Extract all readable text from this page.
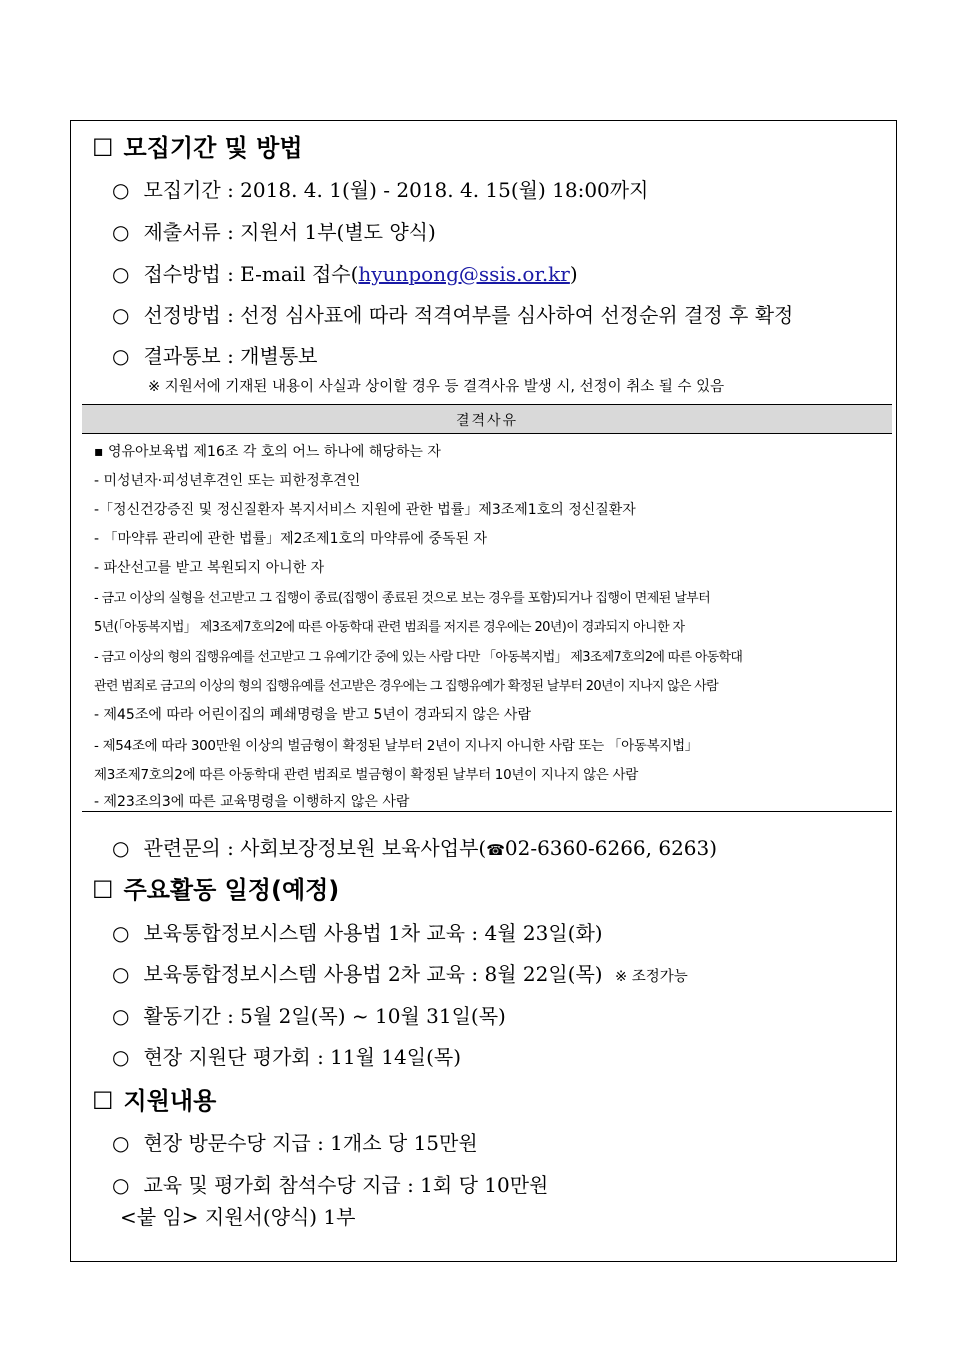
☐ 모집기간 및 방법
○ 모집기간 : 2018. 4. 1(월) - 2018. 4. 15(월) 18:00까지
○ 제출서류 : 지원서 1부(별도 양식)
○ 접수방법 : E-mail 접수(hyunpong@ssis.or.kr)
○ 선정방법 : 선정 심사표에 따라 적격여부를 심사하여 선정순위 결정 후 확정
○ 결과통보 : 개별통보
※ 지원서에 기재된 내용이 사실과 상이할 경우 등 결격사유 발생 시, 선정이 취소 될 수 있음
결격사유
▪ 영유아보육법 제16조 각 호의 어느 하나에 해당하는 자
- 미성년자·피성년후견인 또는 피한정후견인
-「정신건강증진 및 정신질환자 복지서비스 지원에 관한 법률」제3조제1호의 정신질환자
- 「마약류 관리에 관한 법률」제2조제1호의 마약류에 중독된 자
- 파산선고를 받고 복원되지 아니한 자
- 금고 이상의 실형을 선고받고 그 집행이 종료(집행이 종료된 것으로 보는 경우를 포함)되거나 집행이 면제된 날부터
5년(「아동복지법」 제3조제7호의2에 따른 아동학대 관련 범죄를 저지른 경우에는 20년)이 경과되지 아니한 자
- 금고 이상의 형의 집행유예를 선고받고 그 유예기간 중에 있는 사람 다만 「아동복지법」 제3조제7호의2에 따른 아동학대
관련 범죄로 금고의 이상의 형의 집행유예를 선고받은 경우에는 그 집행유예가 확정된 날부터 20년이 지나지 않은 사람
- 제45조에 따라 어린이집의 폐쇄명령을 받고 5년이 경과되지 않은 사람
- 제54조에 따라 300만원 이상의 벌금형이 확정된 날부터 2년이 지나지 아니한 사람 또는 「아동복지법」
제3조제7호의2에 따른 아동학대 관련 범죄로 벌금형이 확정된 날부터 10년이 지나지 않은 사람
- 제23조의3에 따른 교육명령을 이행하지 않은 사람
○ 관련문의 : 사회보장정보원 보육사업부(☎02-6360-6266, 6263)
☐ 주요활동 일정(예정)
○ 보육통합정보시스템 사용법 1차 교육 : 4월 23일(화)
○ 보육통합정보시스템 사용법 2차 교육 : 8월 22일(목) ※ 조정가능
○ 활동기간 : 5월 2일(목) ~ 10월 31일(목)
○ 현장 지원단 평가회 : 11월 14일(목)
☐ 지원내용
○ 현장 방문수당 지급 : 1개소 당 15만원
○ 교육 및 평가회 참석수당 지급 : 1회 당 10만원
<붙 임> 지원서(양식) 1부
